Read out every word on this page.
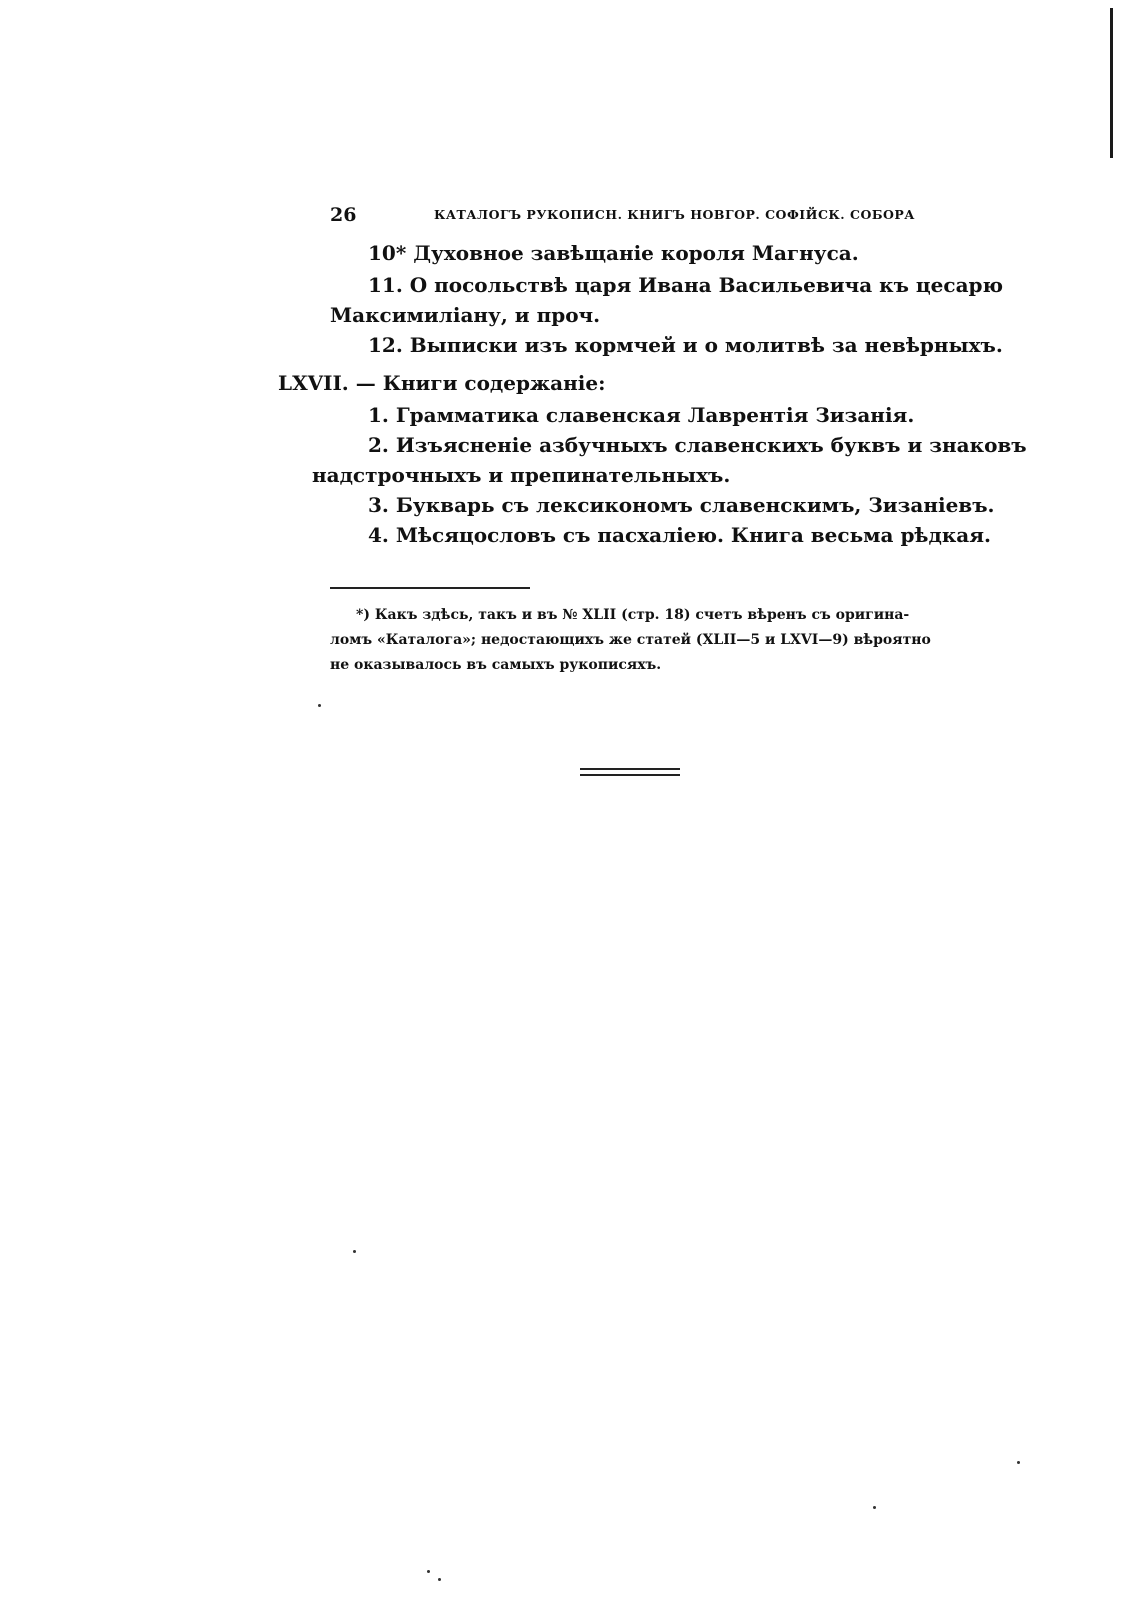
26	КАТАЛОГЪ РУКОПИСН. КНИГЪ НОВГОР. СОФІЙСК. СОБОРА
10* Духовное завѣщаніе короля Магнуса.
11. О посольствѣ царя Ивана Васильевича къ цесарю
Максимиліану, и проч.
12. Выписки изъ кормчей и о молитвѣ за невѣрныхъ.
LXVII. — Книги содержаніе:
1. Грамматика славенская Лаврентія Зизанія.
2. Изъясненіе азбучныхъ славенскихъ буквъ и знаковъ
надстрочныхъ и препинательныхъ.
3. Букварь съ лексикономъ славенскимъ, Зизаніевъ.
4. Мѣсяцословъ съ пасхаліею. Книга весьма рѣдкая.
*) Какъ здѣсь, такъ и въ № XLII (стр. 18) счетъ вѣренъ съ оригина-
ломъ «Каталога»; недостающихъ же статей (XLII—5 и LXVI—9) вѣроятно
не оказывалось въ самыхъ рукописяхъ.
